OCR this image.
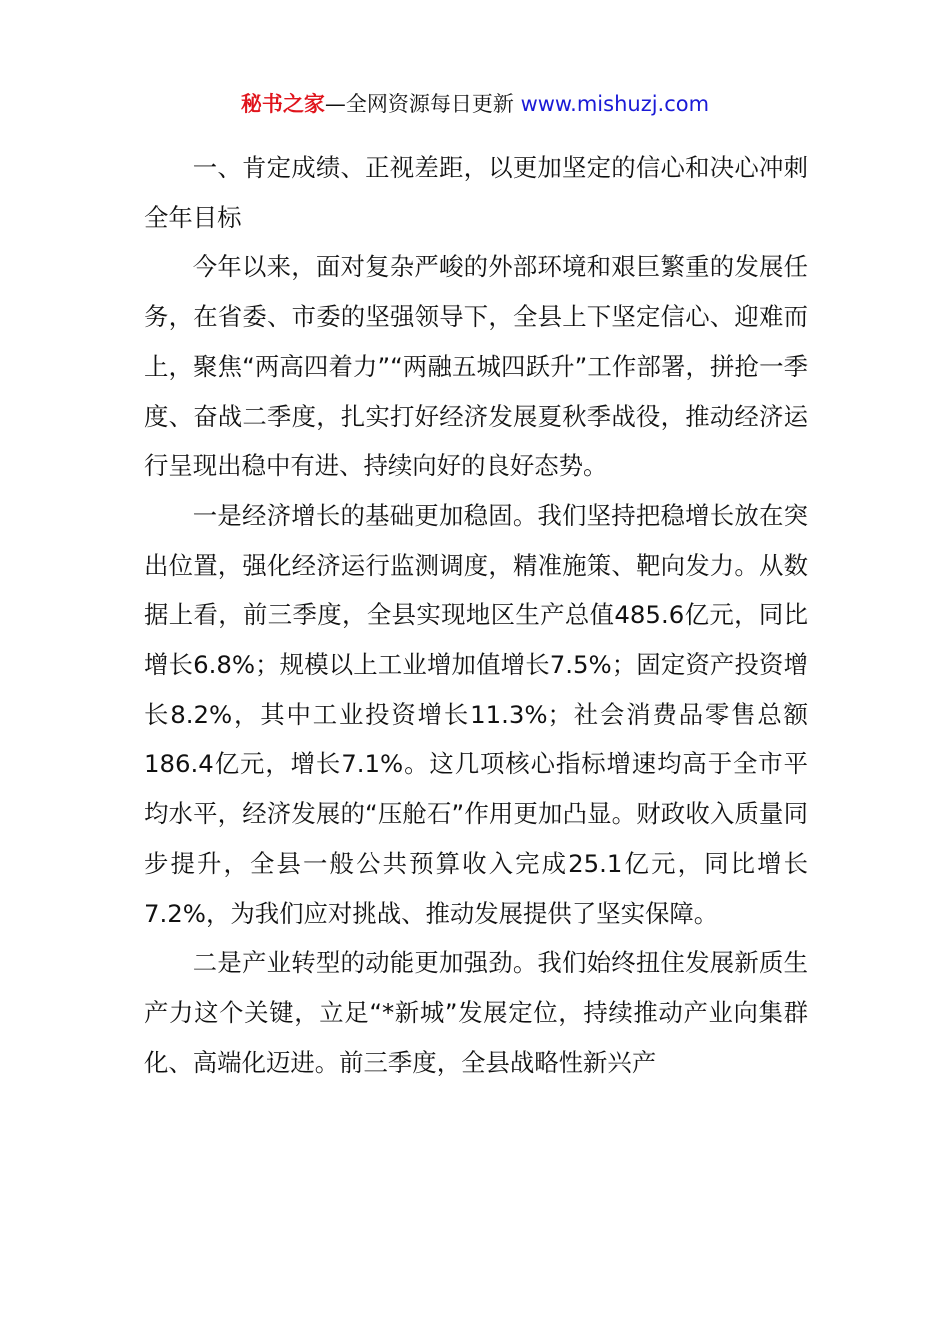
秘书之家—全网资源每日更新 www.mishuzj.com

一、肯定成绩、正视差距，以更加坚定的信心和决心冲刺全年目标

今年以来，面对复杂严峻的外部环境和艰巨繁重的发展任务，在省委、市委的坚强领导下，全县上下坚定信心、迎难而上，聚焦“两高四着力”“两融五城四跃升”工作部署，拼抢一季度、奋战二季度，扎实打好经济发展夏秋季战役，推动经济运行呈现出稳中有进、持续向好的良好态势。

一是经济增长的基础更加稳固。我们坚持把稳增长放在突出位置，强化经济运行监测调度，精准施策、靶向发力。从数据上看，前三季度，全县实现地区生产总值485.6亿元，同比增长6.8%；规模以上工业增加值增长7.5%；固定资产投资增长8.2%，其中工业投资增长11.3%；社会消费品零售总额186.4亿元，增长7.1%。这几项核心指标增速均高于全市平均水平，经济发展的“压舱石”作用更加凸显。财政收入质量同步提升，全县一般公共预算收入完成25.1亿元，同比增长7.2%，为我们应对挑战、推动发展提供了坚实保障。

二是产业转型的动能更加强劲。我们始终扭住发展新质生产力这个关键，立足“*新城”发展定位，持续推动产业向集群化、高端化迈进。前三季度，全县战略性新兴产
